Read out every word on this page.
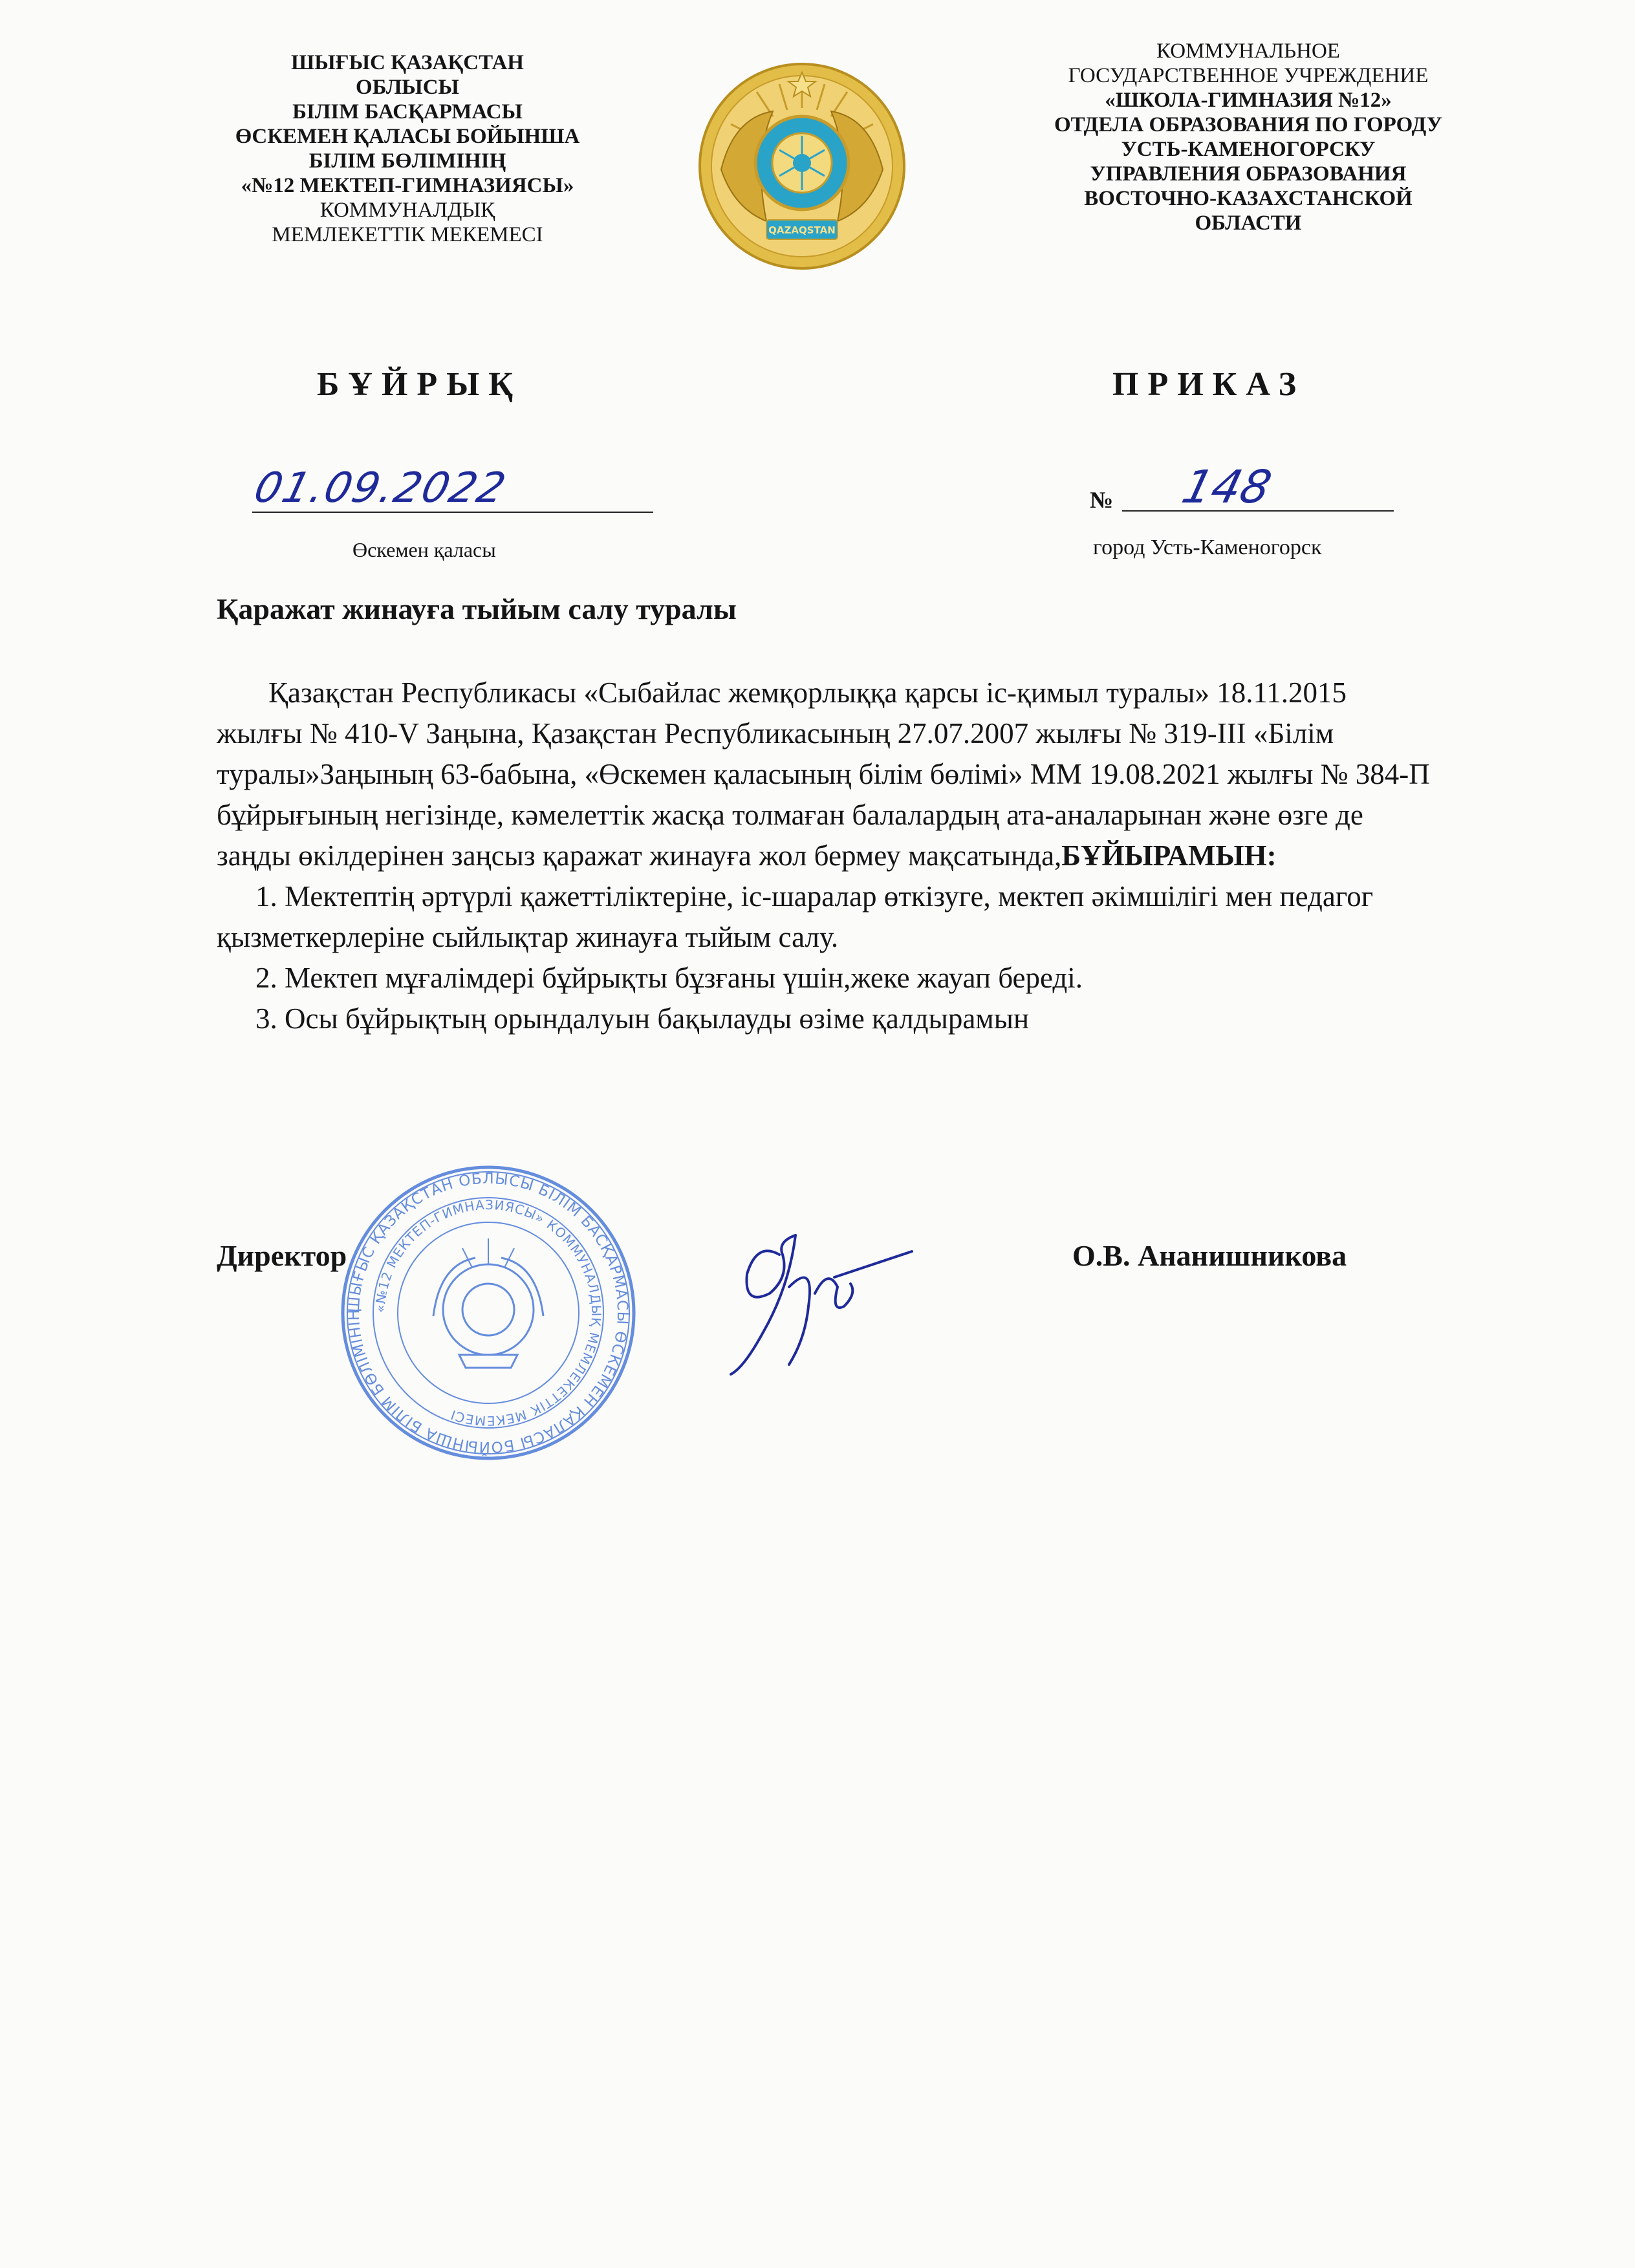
ШЫҒЫС ҚАЗАҚСТАН
ОБЛЫСЫ
БІЛІМ БАСҚАРМАСЫ
ӨСКЕМЕН ҚАЛАСЫ БОЙЫНША
БІЛІМ БӨЛІМІНІҢ
«№12 МЕКТЕП-ГИМНАЗИЯСЫ»
КОММУНАЛДЫҚ
МЕМЛЕКЕТТІК МЕКЕМЕСІ	QAZAQSTAN
КОММУНАЛЬНОЕ
ГОСУДАРСТВЕННОЕ УЧРЕЖДЕНИЕ
«ШКОЛА-ГИМНАЗИЯ №12»
ОТДЕЛА ОБРАЗОВАНИЯ ПО ГОРОДУ
УСТЬ-КАМЕНОГОРСКУ
УПРАВЛЕНИЯ ОБРАЗОВАНИЯ
ВОСТОЧНО-КАЗАХСТАНСКОЙ
ОБЛАСТИ
БҰЙРЫҚ	ПРИКАЗ
01.09.2022	№ 148
Өскемен қаласы	город Усть-Каменогорск
Қаражат жинауға тыйым салу туралы

Қазақстан Республикасы «Сыбайлас жемқорлыққа қарсы іс-қимыл туралы» 18.11.2015 жылғы № 410-V Заңына, Қазақстан Республикасының 27.07.2007 жылғы № 319-III «Білім туралы»Заңының 63-бабына, «Өскемен қаласының білім бөлімі» ММ 19.08.2021 жылғы № 384-П бұйрығының негізінде, кәмелеттік жасқа толмаған балалардың ата-аналарынан және өзге де заңды өкілдерінен заңсыз қаражат жинауға жол бермеу мақсатында,БҰЙЫРАМЫН:

1. Мектептің әртүрлі қажеттіліктеріне, іс-шаралар өткізуге, мектеп әкімшілігі мен педагог қызметкерлеріне сыйлықтар жинауға тыйым салу.

2. Мектеп мұғалімдері бұйрықты бұзғаны үшін,жеке жауап береді.

3. Осы бұйрықтың орындалуын бақылауды өзіме қалдырамын

ШЫҒЫС ҚАЗАҚСТАН ОБЛЫСЫ БІЛІМ БАСҚАРМАСЫ ӨСКЕМЕН ҚАЛАСЫ БОЙЫНША БІЛІМ БӨЛІМІНІҢ
«№12 МЕКТЕП-ГИМНАЗИЯСЫ» КОММУНАЛДЫҚ МЕМЛЕКЕТТІК МЕКЕМЕСІ
Директор	О.В. Ананишникова
